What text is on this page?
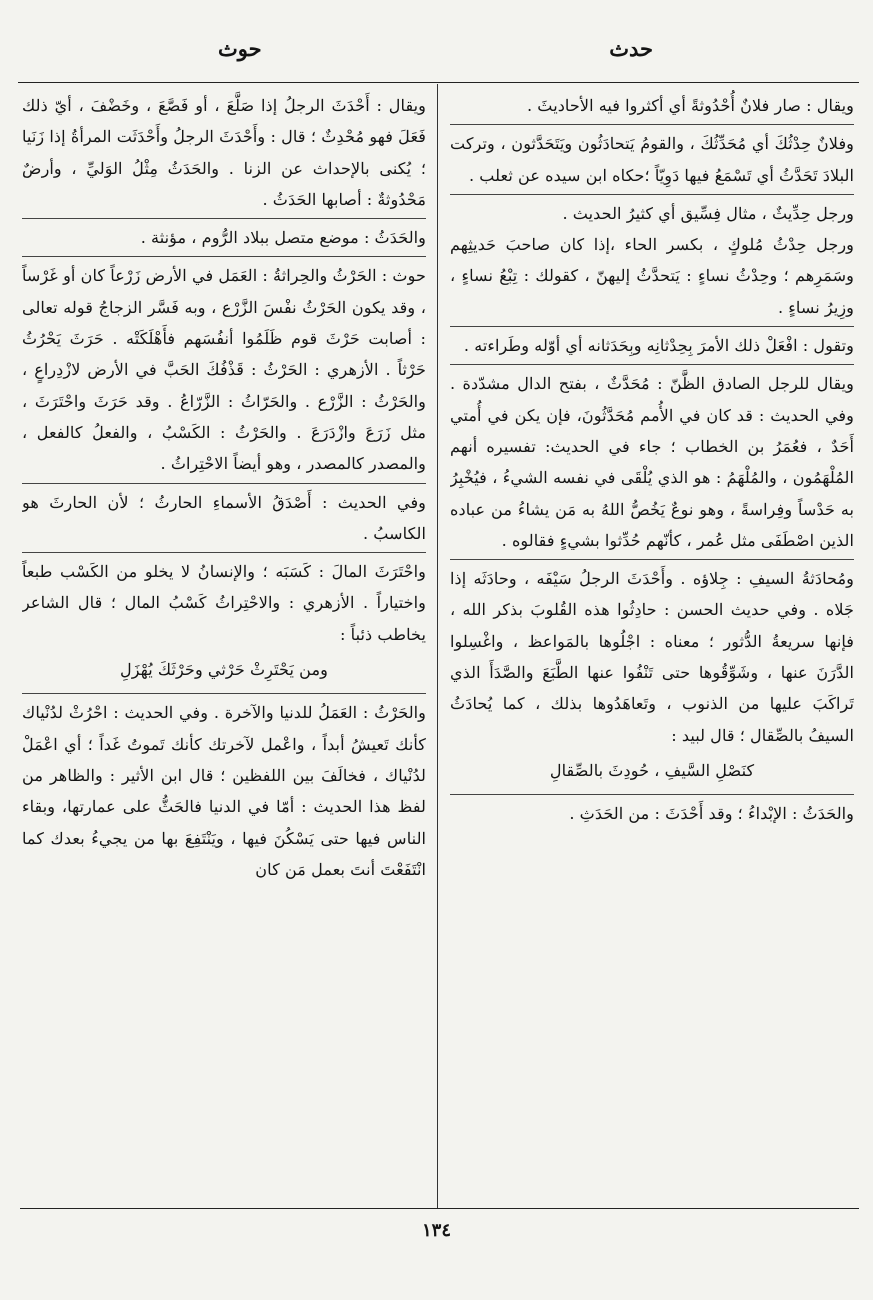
حدث
حوث

ويقال : صار فلانٌ أُحْدُوثةً أي أكثروا فيه الأحاديثَ .

وفلانٌ حِدْثُكَ أي مُحَدِّثُكَ ، والقومُ يَتحادَثُون ويَتَحَدَّثون ، وتركت البلادَ تَحَدَّثُ أي تَسْمَعُ فيها دَوِيّاً ؛حكاه ابن سيده عن ثعلب .

ورجل حِدِّيثٌ ، مثال فِسِّيق أي كثيرُ الحديث .

ورجل حِدْثُ مُلوكٍ ، بكسر الحاء ،إذا كان صاحبَ حَديثِهم وسَمَرِهم ؛ وحِدْثُ نساءٍ : يَتحدَّثُ إليهنّ ، كقولك : تِبْعُ نساءٍ ، وزِيرُ نساءٍ .

وتقول : افْعَلْ ذلك الأمرَ بِحِدْثانِه وبِحَدَثانه أي أوّله وطَراءته .

ويقال للرجل الصادق الظَّنّ : مُحَدَّثٌ ، بفتح الدال مشدّدة . وفي الحديث : قد كان في الأُمم مُحَدَّثُونَ، فإن يكن في أُمتي أَحَدٌ ، فعُمَرُ بن الخطاب ؛ جاء في الحديث: تفسيره أنهم المُلْهَمُون ، والمُلْهَمُ : هو الذي يُلْقَى في نفسه الشيءُ ، فيُخْبِرُ به حَدْساً وفِراسةً ، وهو نوعٌ يَخُصُّ اللهُ به مَن يشاءُ من عباده الذين اصْطَفَى مثل عُمر ، كأنّهم حُدِّثوا بشيءٍ فقالوه .

ومُحادَثةُ السيفِ : جِلاؤه . وأَحْدَثَ الرجلُ سَيْفَه ، وحادَثَه إذا جَلاه . وفي حديث الحسن : حادِثُوا هذه القُلوبَ بذكر الله ، فإنها سريعةُ الدُّثور ؛ معناه : اجْلُوها بالمَواعظ ، واغْسِلوا الدَّرَنَ عنها ، وشَوِّقُوها حتى تَنْفُوا عنها الطَّبَعَ والصَّدَأَ الذي تَراكَبَ عليها من الذنوب ، وتَعاهَدُوها بذلك ، كما يُحادَثُ السيفُ بالصِّقال ؛ قال لبيد :

كنَصْلِ السَّيفِ ، حُودِثَ بالصِّقالِ

والحَدَثُ : الإبْداءُ ؛ وقد أَحْدَثَ : من الحَدَثِ .

ويقال : أَحْدَثَ الرجلُ إذا صَلَّعَ ، أو فَصَّعَ ، وخَضْفَ ، أيّ ذلك فَعَلَ فهو مُحْدِثٌ ؛ قال : وأَحْدَثَ الرجلُ وأَحْدَثَت المرأةُ إذا زَنَيا ؛ يُكنى بالإحداث عن الزنا . والحَدَثُ مِثْلُ الوَليِّ ، وأرضٌ مَحْدُوثةٌ : أصابها الحَدَثُ .

والحَدَثُ : موضع متصل ببلاد الرُّوم ، مؤنثة .

حوث : الحَرْثُ والحِراثةُ : العَمَل في الأرض زَرْعاً كان أو غَرْساً ، وقد يكون الحَرْثُ نفْسَ الزَّرْع ، وبه فَسَّر الزجاجُ قوله تعالى : أصابت حَرْثَ قوم ظَلَمُوا أنفُسَهم فأَهْلَكَتْه . حَرَثَ يَحْرُثُ حَرْثاً . الأزهري : الحَرْثُ : قَذْفُكَ الحَبَّ في الأرض لازْدِراعٍ ، والحَرْثُ : الزَّرْع . والحَرّاثُ : الزَّرّاعُ . وقد حَرَثَ واحْتَرَثَ ، مثل زَرَعَ وازْدَرَعَ . والحَرْثُ : الكَسْبُ ، والفعلُ كالفعل ، والمصدر كالمصدر ، وهو أيضاً الاحْتِراثُ .

وفي الحديث : أَصْدَقُ الأسماءِ الحارثُ ؛ لأن الحارثَ هو الكاسبُ .

واحْتَرَثَ المالَ : كَسَبَه ؛ والإنسانُ لا يخلو من الكَسْب طبعاً واختياراً . الأزهري : والاحْتِراثُ كَسْبُ المال ؛ قال الشاعر يخاطب ذئباً :

ومن يَحْتَرِثْ حَرْثي وحَرْثَكَ يُهْزَلِ

والحَرْثُ : العَمَلُ للدنيا والآخرة . وفي الحديث : احْرُثْ لدُنْياك كأنك تَعيشُ أبداً ، واعْمل لآخرتك كأنك تَموتُ غَداً ؛ أي اعْمَلْ لدُنْياك ، فخالَفَ بين اللفظين ؛ قال ابن الأثير : والظاهر من لفظ هذا الحديث : أمّا في الدنيا فالحَثُّ على عمارتها، وبقاء الناس فيها حتى يَسْكُنَ فيها ، ويَنْتَفِعَ بها من يجيءُ بعدك كما انْتَفَعْتَ أنتَ بعمل مَن كان

١٣٤
